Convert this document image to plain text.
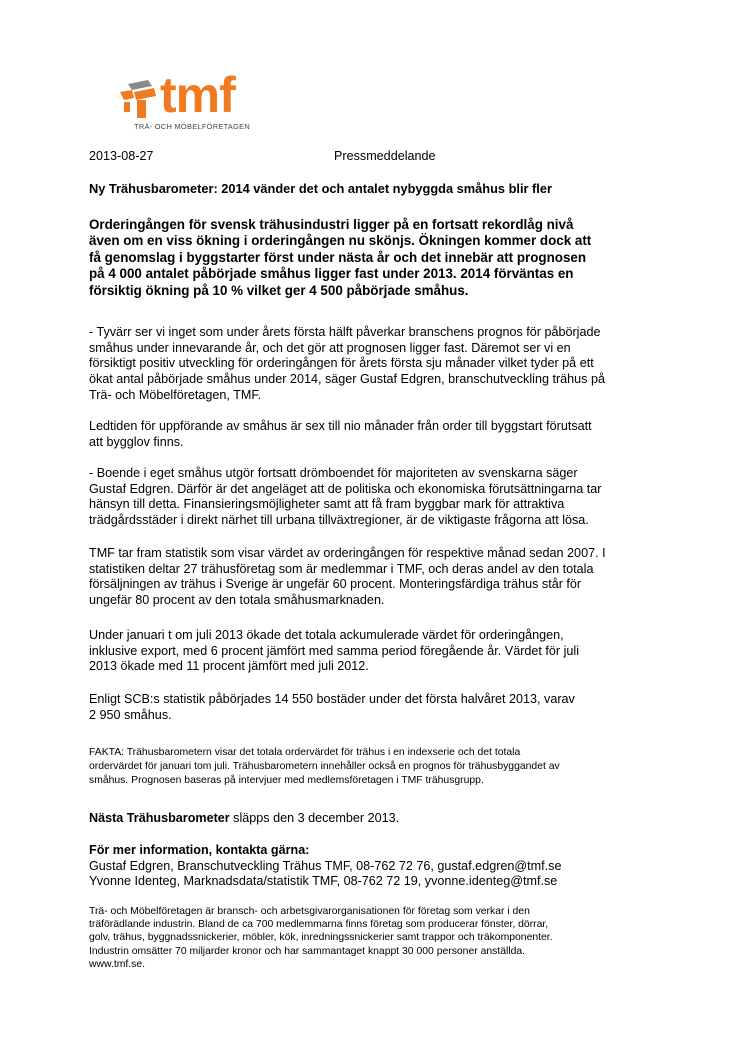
tmf
TRÄ- OCH MÖBELFÖRETAGEN
2013-08-27	Pressmeddelande
Ny Trähusbarometer: 2014 vänder det och antalet nybyggda småhus blir fler
Orderingången för svensk trähusindustri ligger på en fortsatt rekordlåg nivå
även om en viss ökning i orderingången nu skönjs. Ökningen kommer dock att
få genomslag i byggstarter först under nästa år och det innebär att prognosen
på 4 000 antalet påbörjade småhus ligger fast under 2013. 2014 förväntas en
försiktig ökning på 10 % vilket ger 4 500 påbörjade småhus.
- Tyvärr ser vi inget som under årets första hälft påverkar branschens prognos för påbörjade
småhus under innevarande år, och det gör att prognosen ligger fast. Däremot ser vi en
försiktigt positiv utveckling för orderingången för årets första sju månader vilket tyder på ett
ökat antal påbörjade småhus under 2014, säger Gustaf Edgren, branschutveckling trähus på
Trä- och Möbelföretagen, TMF.
Ledtiden för uppförande av småhus är sex till nio månader från order till byggstart förutsatt
att bygglov finns.
- Boende i eget småhus utgör fortsatt drömboendet för majoriteten av svenskarna säger
Gustaf Edgren. Därför är det angeläget att de politiska och ekonomiska förutsättningarna tar
hänsyn till detta. Finansieringsmöjligheter samt att få fram byggbar mark för attraktiva
trädgårdsstäder i direkt närhet till urbana tillväxtregioner, är de viktigaste frågorna att lösa.
TMF tar fram statistik som visar värdet av orderingången för respektive månad sedan 2007. I
statistiken deltar 27 trähusföretag som är medlemmar i TMF, och deras andel av den totala
försäljningen av trähus i Sverige är ungefär 60 procent. Monteringsfärdiga trähus står för
ungefär 80 procent av den totala småhusmarknaden.
Under januari t om juli 2013 ökade det totala ackumulerade värdet för orderingången,
inklusive export, med 6 procent jämfört med samma period föregående år. Värdet för juli
2013 ökade med 11 procent jämfört med juli 2012.
Enligt SCB:s statistik påbörjades 14 550 bostäder under det första halvåret 2013, varav
2 950 småhus.
FAKTA: Trähusbarometern visar det totala ordervärdet för trähus i en indexserie och det totala
ordervärdet för januari tom juli. Trähusbarometern innehåller också en prognos för trähusbyggandet av
småhus. Prognosen baseras på intervjuer med medlemsföretagen i TMF trähusgrupp.
Nästa Trähusbarometer släpps den 3 december 2013.
För mer information, kontakta gärna:
Gustaf Edgren, Branschutveckling Trähus TMF, 08-762 72 76, gustaf.edgren@tmf.se
Yvonne Identeg, Marknadsdata/statistik TMF, 08-762 72 19, yvonne.identeg@tmf.se
Trä- och Möbelföretagen är bransch- och arbetsgivarorganisationen för företag som verkar i den
träförädlande industrin. Bland de ca 700 medlemmarna finns företag som producerar fönster, dörrar,
golv, trähus, byggnadssnickerier, möbler, kök, inredningssnickerier samt trappor och träkomponenter.
Industrin omsätter 70 miljarder kronor och har sammantaget knappt 30 000 personer anställda.
www.tmf.se.
